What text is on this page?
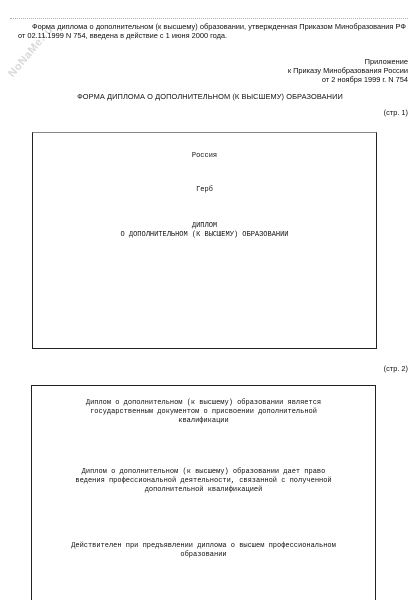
NoNaMe.ru
Форма диплома о дополнительном (к высшему) образовании, утвержденная Приказом Минобразования РФ от 02.11.1999 N 754, введена в действие с 1 июня 2000 года.
Приложение
к Приказу Минобразования России
от 2 ноября 1999 г. N 754
ФОРМА ДИПЛОМА О ДОПОЛНИТЕЛЬНОМ (К ВЫСШЕМУ) ОБРАЗОВАНИИ
(стр. 1)
Россия
Герб
ДИПЛОМ
О ДОПОЛНИТЕЛЬНОМ (К ВЫСШЕМУ) ОБРАЗОВАНИИ
(стр. 2)
Диплом о дополнительном (к высшему) образовании является
государственным документом о присвоении дополнительной
квалификации
Диплом о дополнительном (к высшему) образовании дает право
ведения профессиональной деятельности, связанной с полученной
дополнительной квалификацией
Действителен при предъявлении диплома о высшем профессиональном
образовании
